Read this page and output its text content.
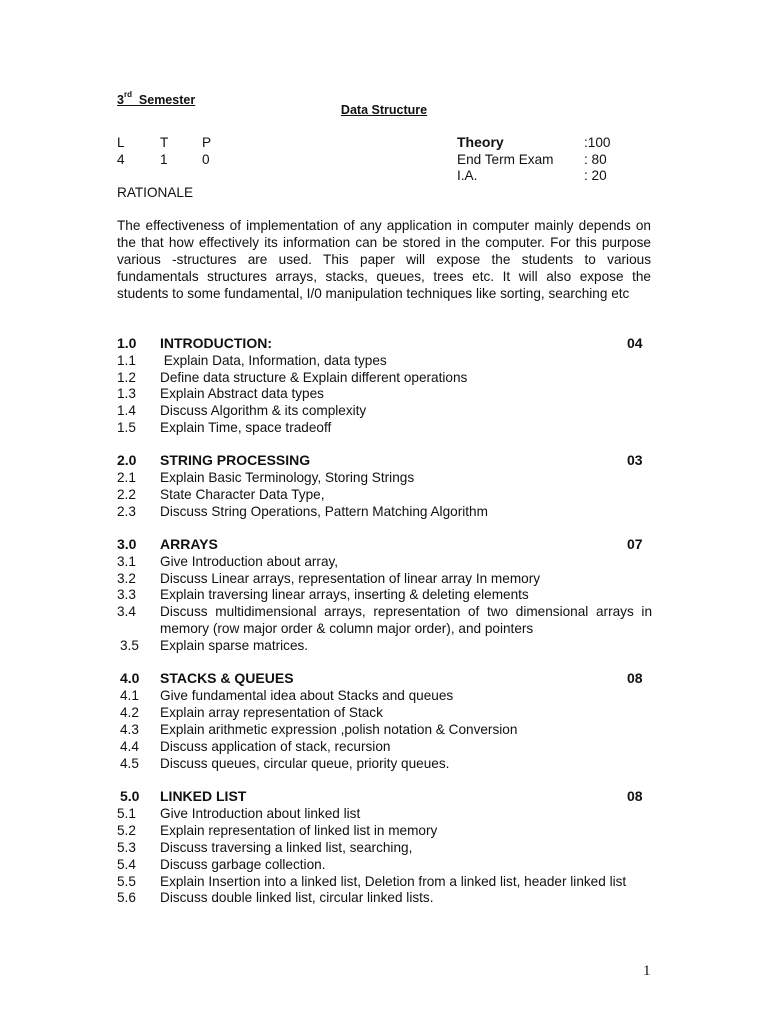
3rd Semester
Data Structure
L	T P
4	1	0
Theory	:100
End Term Exam : 80
I.A.	: 20
RATIONALE
The effectiveness of implementation of any application in computer mainly depends on the that how effectively its information can be stored in the computer. For this purpose various -structures are used. This paper will expose the students to various fundamentals structures arrays, stacks, queues, trees etc. It will also expose the students to some fundamental, I/0 manipulation techniques like sorting, searching etc
1.0 INTRODUCTION:	04
1.1 Explain Data, Information, data types
1.2 Define data structure & Explain different operations
1.3 Explain Abstract data types
1.4 Discuss Algorithm & its complexity
1.5 Explain Time, space tradeoff
2.0 STRING PROCESSING	03
2.1 Explain Basic Terminology, Storing Strings
2.2 State Character Data Type,
2.3 Discuss String Operations, Pattern Matching Algorithm
3.0 ARRAYS	07
3.1 Give Introduction about array,
3.2 Discuss Linear arrays, representation of linear array In memory
3.3 Explain traversing linear arrays, inserting & deleting elements
3.4 Discuss multidimensional arrays, representation of two dimensional arrays in memory (row major order & column major order), and pointers
3.5 Explain sparse matrices.
4.0 STACKS & QUEUES	08
4.1 Give fundamental idea about Stacks and queues
4.2 Explain array representation of Stack
4.3 Explain arithmetic expression ,polish notation & Conversion
4.4 Discuss application of stack, recursion
4.5 Discuss queues, circular queue, priority queues.
5.0 LINKED LIST	08
5.1 Give Introduction about linked list
5.2 Explain representation of linked list in memory
5.3 Discuss traversing a linked list, searching,
5.4 Discuss garbage collection.
5.5 Explain Insertion into a linked list, Deletion from a linked list, header linked list
5.6 Discuss double linked list, circular linked lists.
1
